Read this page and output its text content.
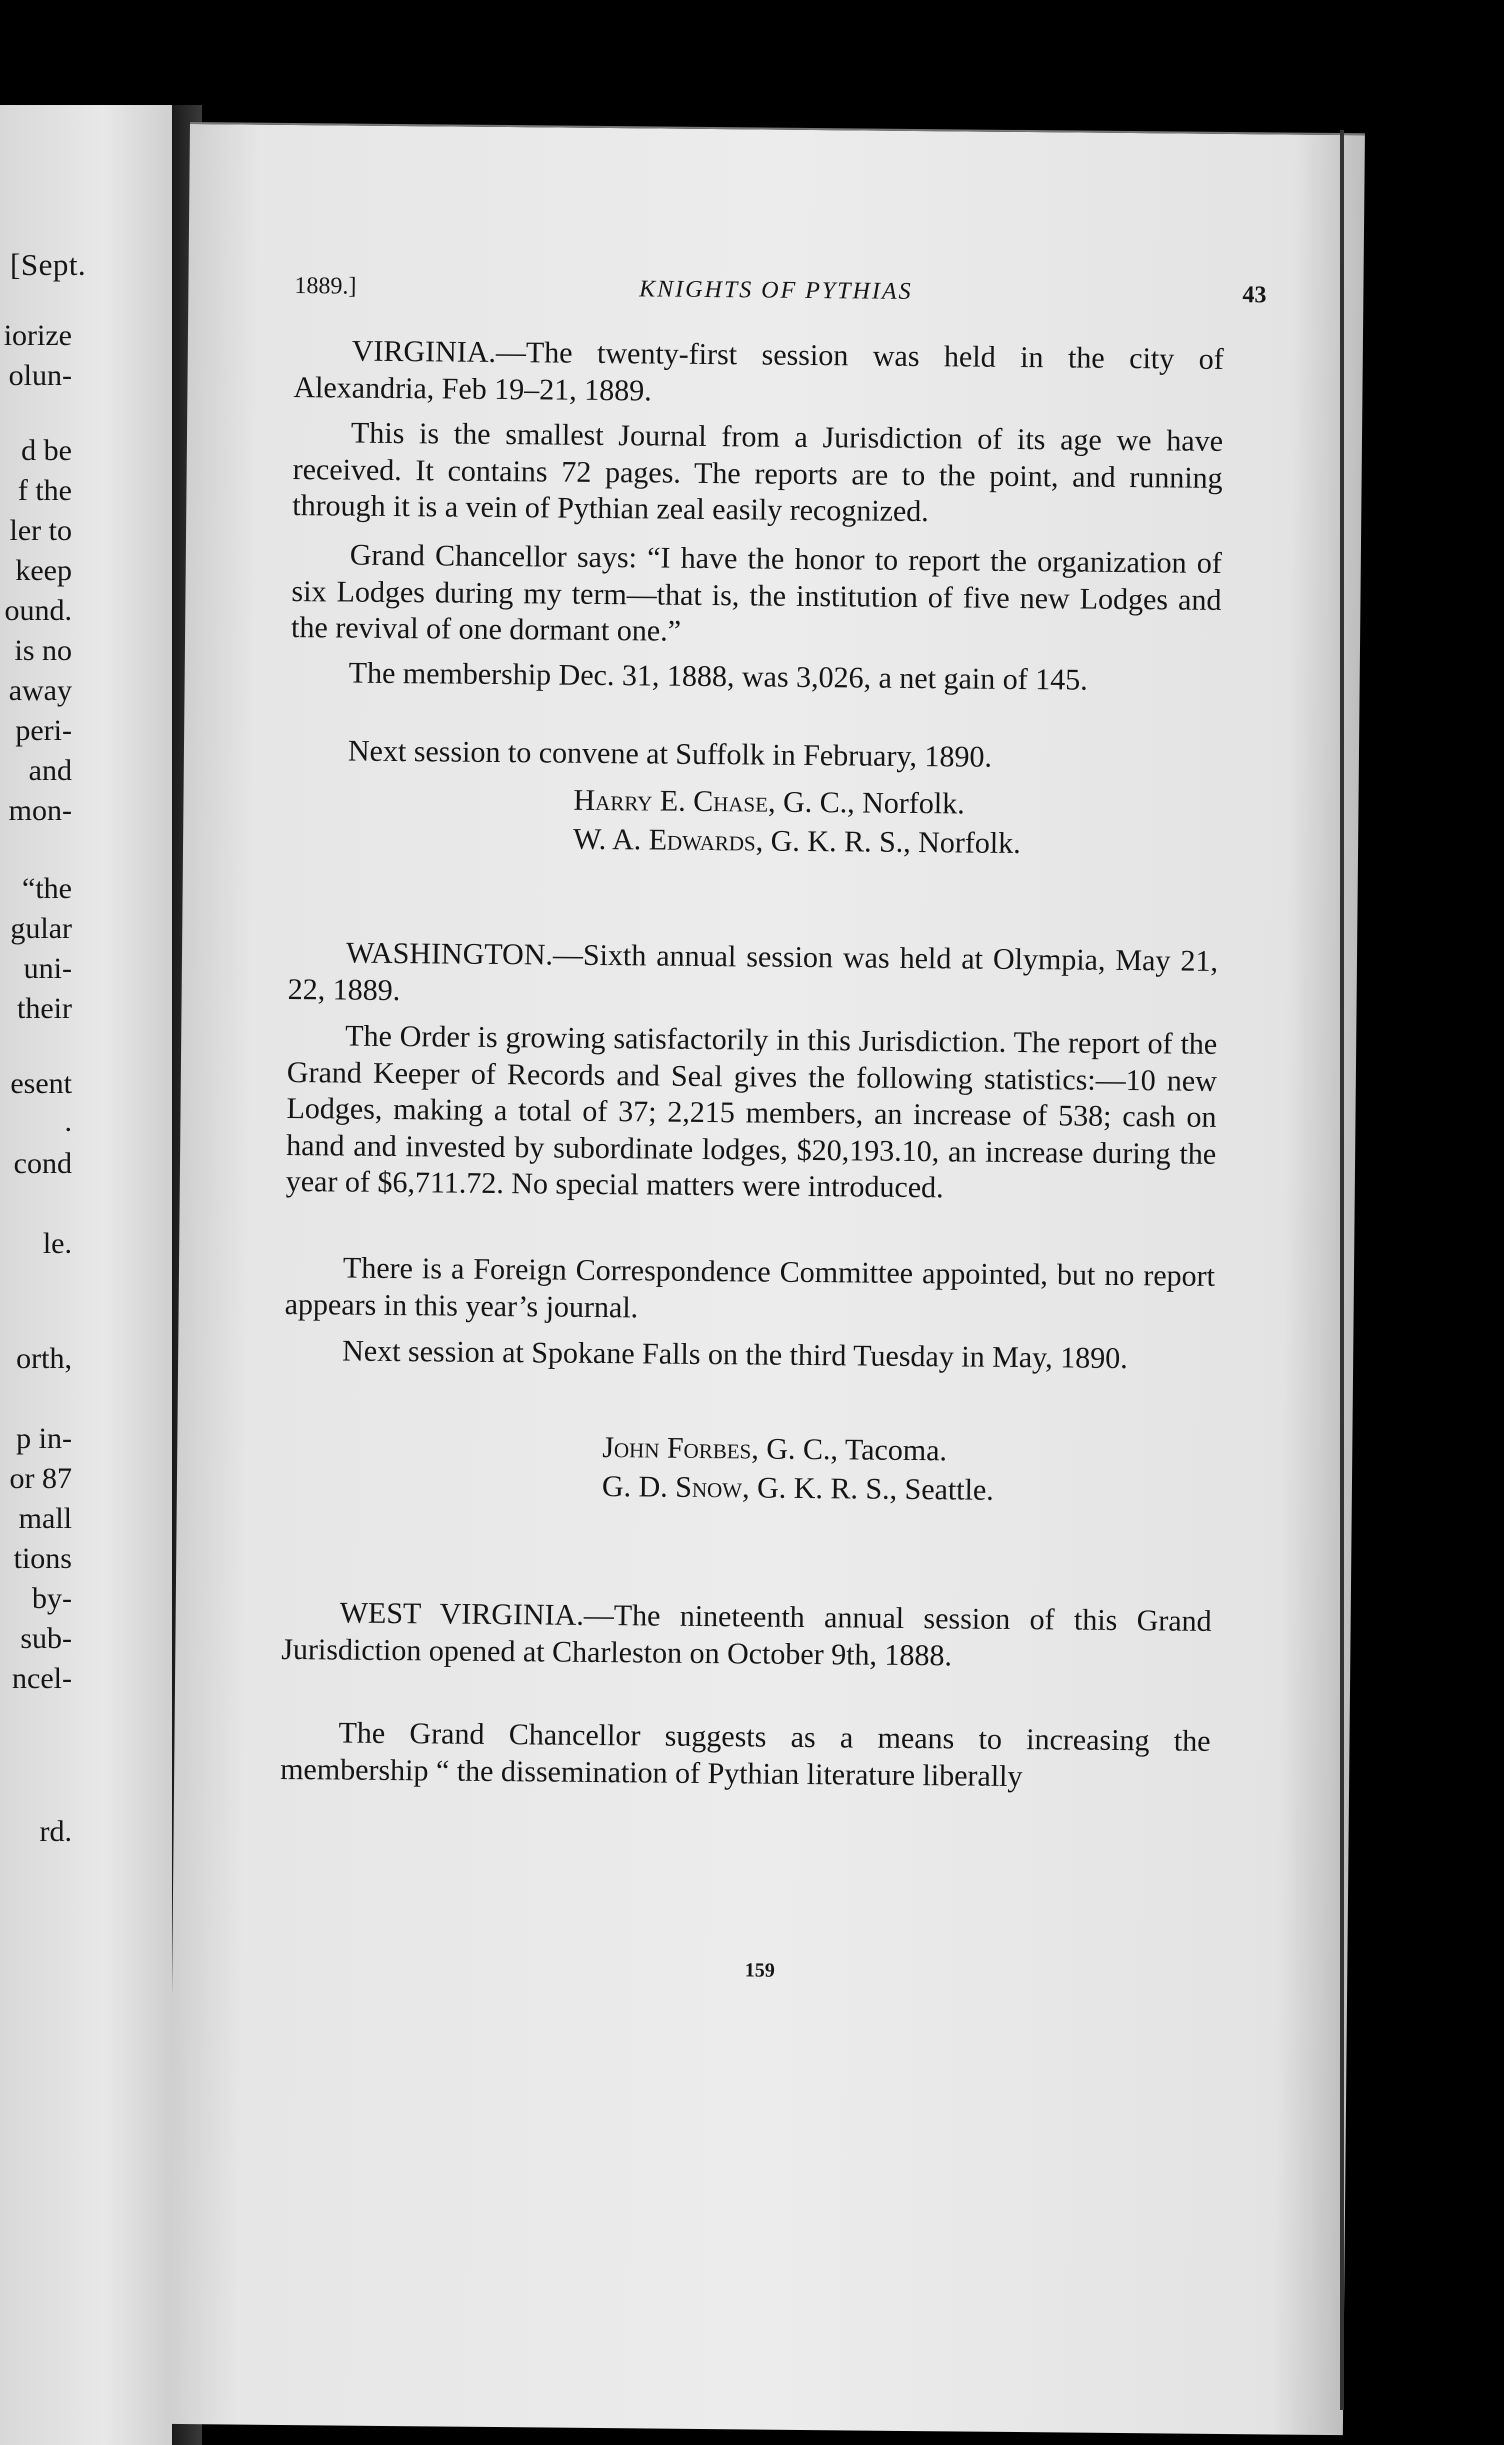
[Sept.
iorize
olun-
d be
f the
ler to
keep
ound.
is no
away
peri-
and
mon-
“the
gular
uni-
their
esent
.
cond
le.
orth,
p in-
or 87
mall
tions
by-
sub-
ncel-
rd.
1889.]	KNIGHTS OF PYTHIAS	43
VIRGINIA.—The twenty-first session was held in the city of Alexandria, Feb 19–21, 1889.
This is the smallest Journal from a Jurisdiction of its age we have received. It contains 72 pages. The reports are to the point, and running through it is a vein of Pythian zeal easily recognized.
Grand Chancellor says: “I have the honor to report the organization of six Lodges during my term—that is, the institution of five new Lodges and the revival of one dormant one.”
The membership Dec. 31, 1888, was 3,026, a net gain of 145.
Next session to convene at Suffolk in February, 1890.
Harry E. Chase, G. C., Norfolk.
W. A. Edwards, G. K. R. S., Norfolk.
WASHINGTON.—Sixth annual session was held at Olympia, May 21, 22, 1889.
The Order is growing satisfactorily in this Jurisdiction. The report of the Grand Keeper of Records and Seal gives the following statistics:—10 new Lodges, making a total of 37; 2,215 members, an increase of 538; cash on hand and invested by subordinate lodges, $20,193.10, an increase during the year of $6,711.72. No special matters were introduced.
There is a Foreign Correspondence Committee appointed, but no report appears in this year’s journal.
Next session at Spokane Falls on the third Tuesday in May, 1890.
John Forbes, G. C., Tacoma.
G. D. Snow, G. K. R. S., Seattle.
WEST VIRGINIA.—The nineteenth annual session of this Grand Jurisdiction opened at Charleston on October 9th, 1888.
The Grand Chancellor suggests as a means to increasing the membership “ the dissemination of Pythian literature liberally
159
